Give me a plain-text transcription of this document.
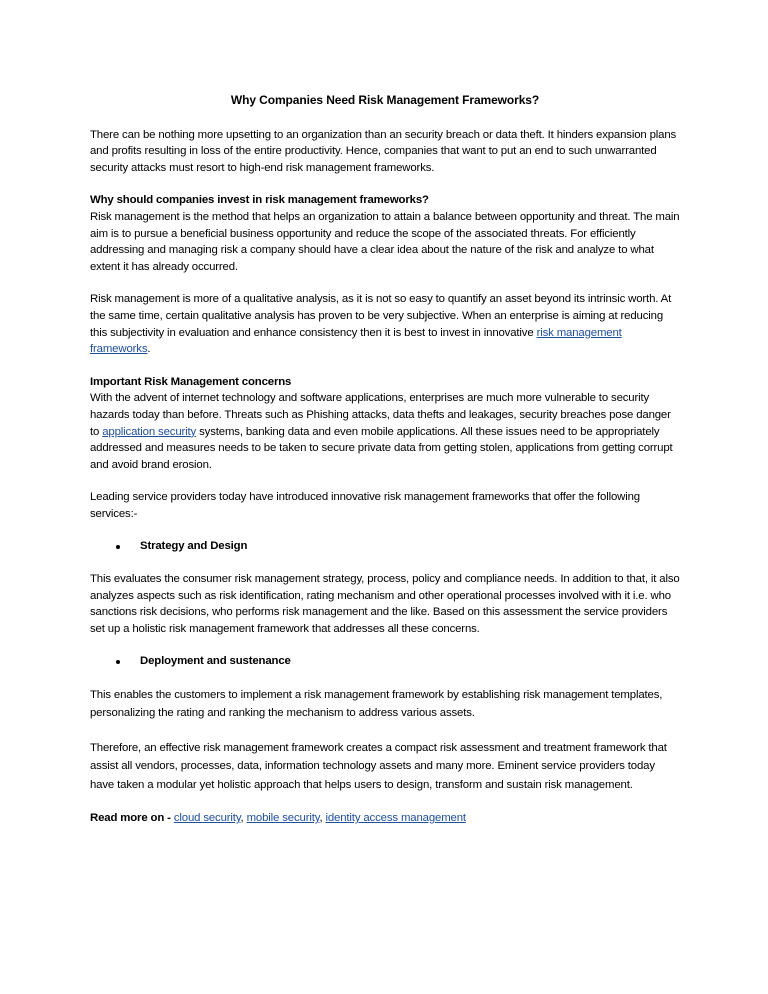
Why Companies Need Risk Management Frameworks?

There can be nothing more upsetting to an organization than an security breach or data theft. It hinders expansion plans and profits resulting in loss of the entire productivity. Hence, companies that want to put an end to such unwarranted security attacks must resort to high-end risk management frameworks.

Why should companies invest in risk management frameworks?
Risk management is the method that helps an organization to attain a balance between opportunity and threat. The main aim is to pursue a beneficial business opportunity and reduce the scope of the associated threats. For efficiently addressing and managing risk a company should have a clear idea about the nature of the risk and analyze to what extent it has already occurred.

Risk management is more of a qualitative analysis, as it is not so easy to quantify an asset beyond its intrinsic worth. At the same time, certain qualitative analysis has proven to be very subjective. When an enterprise is aiming at reducing this subjectivity in evaluation and enhance consistency then it is best to invest in innovative risk management frameworks.

Important Risk Management concerns
With the advent of internet technology and software applications, enterprises are much more vulnerable to security hazards today than before. Threats such as Phishing attacks, data thefts and leakages, security breaches pose danger to application security systems, banking data and even mobile applications. All these issues need to be appropriately addressed and measures needs to be taken to secure private data from getting stolen, applications from getting corrupt and avoid brand erosion.

Leading service providers today have introduced innovative risk management frameworks that offer the following services:-

Strategy and Design

This evaluates the consumer risk management strategy, process, policy and compliance needs. In addition to that, it also analyzes aspects such as risk identification, rating mechanism and other operational processes involved with it i.e. who sanctions risk decisions, who performs risk management and the like. Based on this assessment the service providers set up a holistic risk management framework that addresses all these concerns.

Deployment and sustenance

This enables the customers to implement a risk management framework by establishing risk management templates, personalizing the rating and ranking the mechanism to address various assets.

Therefore, an effective risk management framework creates a compact risk assessment and treatment framework that assist all vendors, processes, data, information technology assets and many more. Eminent service providers today have taken a modular yet holistic approach that helps users to design, transform and sustain risk management.

Read more on - cloud security, mobile security, identity access management
